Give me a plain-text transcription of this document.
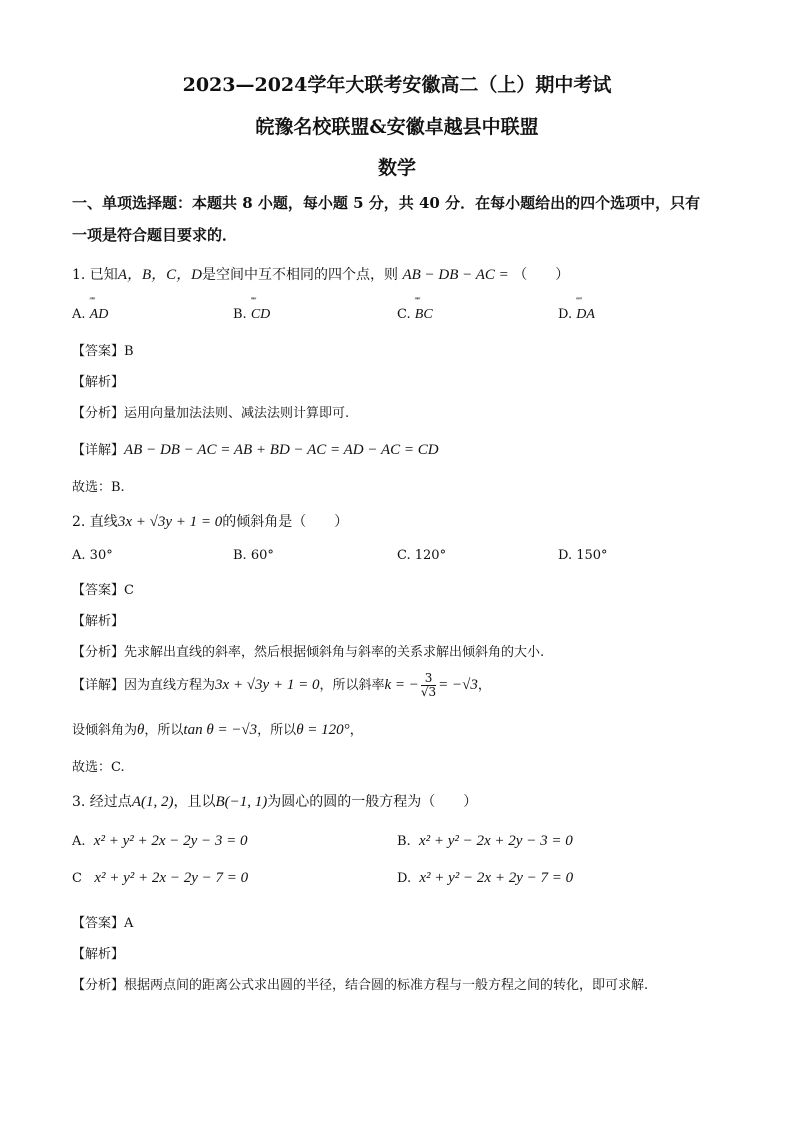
2023—2024学年大联考安徽高二（上）期中考试
皖豫名校联盟&安徽卓越县中联盟
数学
一、单项选择题：本题共 8 小题，每小题 5 分，共 40 分．在每小题给出的四个选项中，只有
一项是符合题目要求的．
1. 已知A，B，C，D是空间中互不相同的四个点，则 AB − DB − AC = （　　）
A. ‴‴ AD	B. ‴‴ CD	C. ‴‴ BC	D. ‴‴ DA
【答案】B
【解析】
【分析】运用向量加法法则、减法法则计算即可.
【详解】AB − DB − AC = AB + BD − AC = AD − AC = CD
故选：B.
2. 直线3x + √3y + 1 = 0的倾斜角是（　　）
A. 30°	B. 60°	C. 120°	D. 150°
【答案】C
【解析】
【分析】先求解出直线的斜率，然后根据倾斜角与斜率的关系求解出倾斜角的大小.
【详解】因为直线方程为3x + √3y + 1 = 0，所以斜率k = − $\frac{3}{√3} = -√3$，
设倾斜角为θ，所以tan θ = −√3，所以θ = 120°，
故选：C.
3. 经过点A(1, 2)，且以B(−1, 1)为圆心的圆的一般方程为（　　）
A. x² + y² + 2x − 2y − 3 = 0	B. x² + y² − 2x + 2y − 3 = 0
C x² + y² + 2x − 2y − 7 = 0	D. x² + y² − 2x + 2y − 7 = 0
【答案】A
【解析】
【分析】根据两点间的距离公式求出圆的半径，结合圆的标准方程与一般方程之间的转化，即可求解.
